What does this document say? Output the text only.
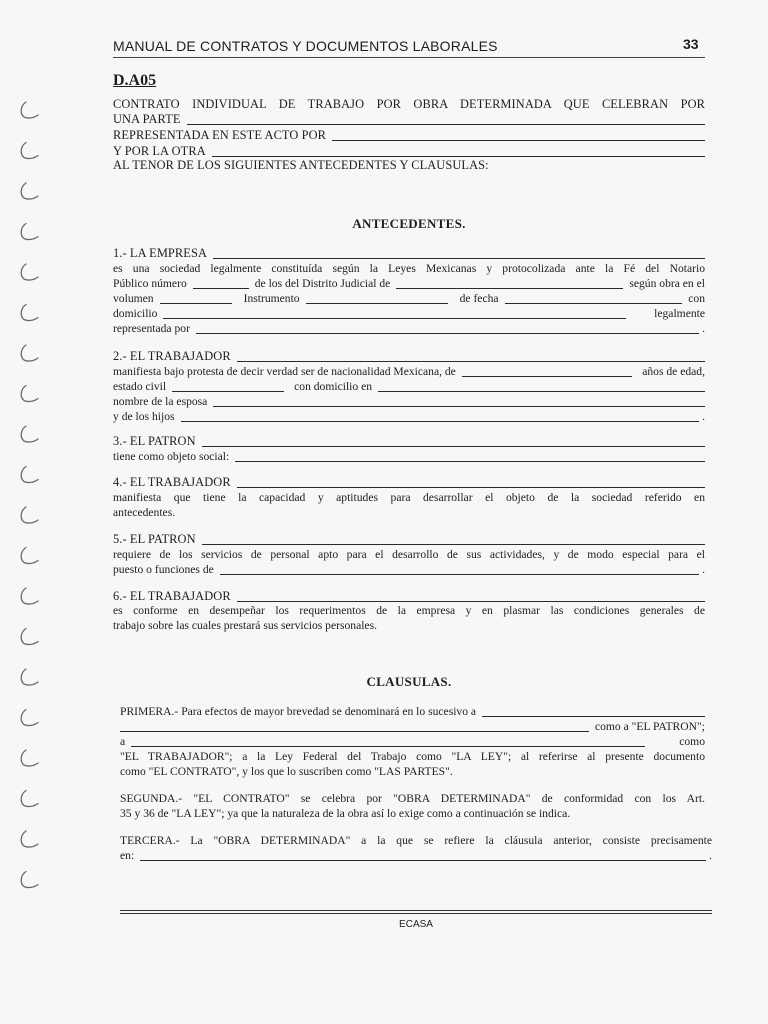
MANUAL DE CONTRATOS Y DOCUMENTOS LABORALES	33
D.A05
CONTRATO INDIVIDUAL DE TRABAJO POR OBRA DETERMINADA QUE CELEBRAN POR
UNA PARTE
REPRESENTADA EN ESTE ACTO POR
Y POR LA OTRA
AL TENOR DE LOS SIGUIENTES ANTECEDENTES Y CLAUSULAS:
ANTECEDENTES.
1.- LA EMPRESA
es una sociedad legalmente constituída según la Leyes Mexicanas y protocolizada ante la Fé del Notario
Público número	de los del Distrito Judicial de	según obra en el
volumen	Instrumento	de fecha	con
domicilio	legalmente
representada por	.
2.- EL TRABAJADOR
manifiesta bajo protesta de decir verdad ser de nacionalidad Mexicana, de	años de edad,
estado civil	con domicilio en
nombre de la esposa
y de los hijos	.
3.- EL PATRON
tiene como objeto social:
4.- EL TRABAJADOR
manifiesta que tiene la capacidad y aptitudes para desarrollar el objeto de la sociedad referido en
antecedentes.
5.- EL PATRON
requiere de los servicios de personal apto para el desarrollo de sus actividades, y de modo especial para el
puesto o funciones de	.
6.- EL TRABAJADOR
es conforme en desempeñar los requerimentos de la empresa y en plasmar las condiciones generales de
trabajo sobre las cuales prestará sus servicios personales.
CLAUSULAS.
PRIMERA.- Para efectos de mayor brevedad se denominará en lo sucesivo a
como a "EL PATRON";
a	como
"EL TRABAJADOR"; a la Ley Federal del Trabajo como "LA LEY"; al referirse al presente documento
como "EL CONTRATO", y los que lo suscriben como "LAS PARTES".
SEGUNDA.- "EL CONTRATO" se celebra por "OBRA DETERMINADA" de conformidad con los Art.
35 y 36 de "LA LEY"; ya que la naturaleza de la obra así lo exige como a continuación se indica.
TERCERA.- La "OBRA DETERMINADA" a la que se refiere la cláusula anterior, consiste precisamente
en:	.
ECASA
